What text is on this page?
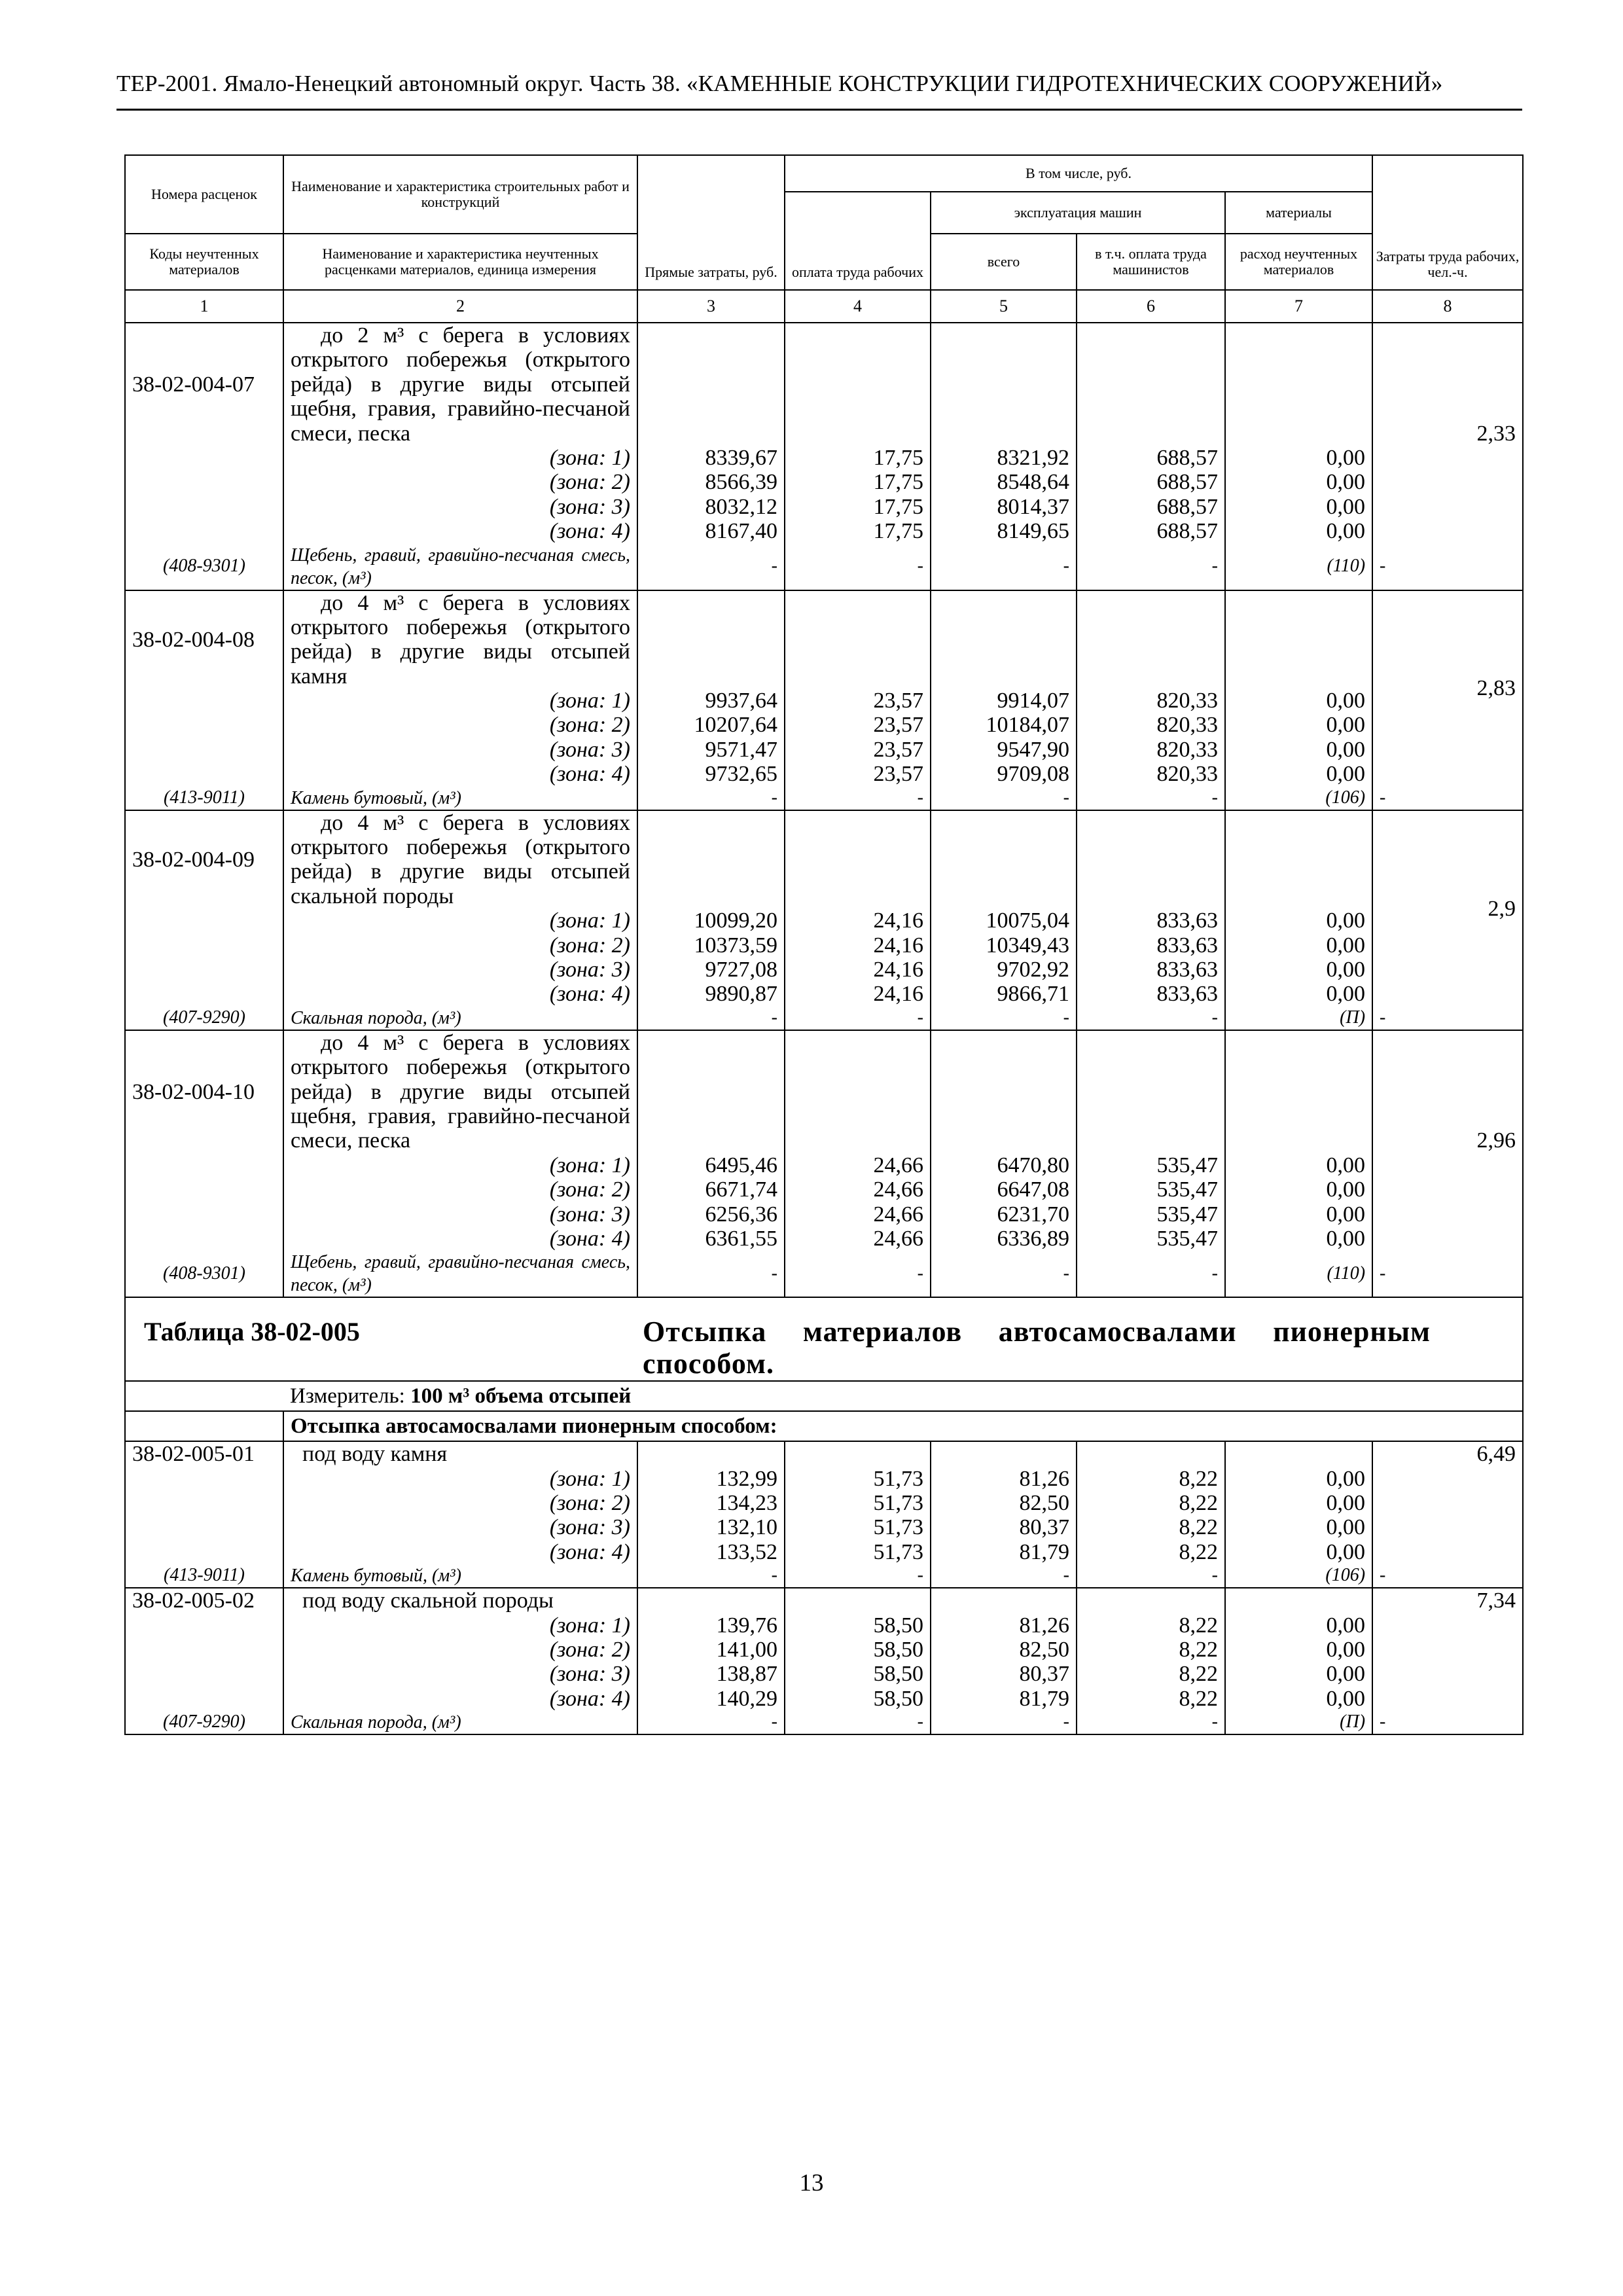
ТЕР-2001. Ямало-Ненецкий автономный округ. Часть 38. «КАМЕННЫЕ КОНСТРУКЦИИ ГИДРОТЕХНИЧЕСКИХ СООРУЖЕНИЙ»
Номера расценок	Наименование и характеристика строительных работ и конструкций	Прямые затраты, руб.	В том числе, руб.				Затраты труда рабочих, чел.-ч.
			оплата труда рабочих	эксплуатация машин		материалы	
Коды неучтенных материалов	Наименование и характеристика неучтенных расценками материалов, единица измерения			всего	в т.ч. оплата труда машинистов	расход неучтенных материалов	
1	2	3	4	5	6	7	8
38-02-004-07	до 2 м³ с берега в условиях открытого побережья (открытого рейда) в другие виды отсыпей щебня, гравия, гравийно-песчаной смеси, песка						2,33
	(зона: 1)	8339,67	17,75	8321,92	688,57	0,00	
	(зона: 2)	8566,39	17,75	8548,64	688,57	0,00	
	(зона: 3)	8032,12	17,75	8014,37	688,57	0,00	
	(зона: 4)	8167,40	17,75	8149,65	688,57	0,00	
(408-9301)	Щебень, гравий, гравийно-песчаная смесь, песок, (м³)	-	-	-	-	(110)	-
38-02-004-08	до 4 м³ с берега в условиях открытого побережья (открытого рейда) в другие виды отсыпей камня						2,83
	(зона: 1)	9937,64	23,57	9914,07	820,33	0,00	
	(зона: 2)	10207,64	23,57	10184,07	820,33	0,00	
	(зона: 3)	9571,47	23,57	9547,90	820,33	0,00	
	(зона: 4)	9732,65	23,57	9709,08	820,33	0,00	
(413-9011)	Камень бутовый, (м³)	-	-	-	-	(106)	-
38-02-004-09	до 4 м³ с берега в условиях открытого побережья (открытого рейда) в другие виды отсыпей скальной породы						2,9
	(зона: 1)	10099,20	24,16	10075,04	833,63	0,00	
	(зона: 2)	10373,59	24,16	10349,43	833,63	0,00	
	(зона: 3)	9727,08	24,16	9702,92	833,63	0,00	
	(зона: 4)	9890,87	24,16	9866,71	833,63	0,00	
(407-9290)	Скальная порода, (м³)	-	-	-	-	(П)	-
38-02-004-10	до 4 м³ с берега в условиях открытого побережья (открытого рейда) в другие виды отсыпей щебня, гравия, гравийно-песчаной смеси, песка						2,96
	(зона: 1)	6495,46	24,66	6470,80	535,47	0,00	
	(зона: 2)	6671,74	24,66	6647,08	535,47	0,00	
	(зона: 3)	6256,36	24,66	6231,70	535,47	0,00	
	(зона: 4)	6361,55	24,66	6336,89	535,47	0,00	
(408-9301)	Щебень, гравий, гравийно-песчаная смесь, песок, (м³)	-	-	-	-	(110)	-
Таблица 38-02-005		Отсыпка материалов автосамосвалами пионерным способом.					

	Измеритель: 100 м³ объема отсыпей						
	Отсыпка автосамосвалами пионерным способом:						
38-02-005-01	под воду камня						6,49
	(зона: 1)	132,99	51,73	81,26	8,22	0,00	
	(зона: 2)	134,23	51,73	82,50	8,22	0,00	
	(зона: 3)	132,10	51,73	80,37	8,22	0,00	
	(зона: 4)	133,52	51,73	81,79	8,22	0,00	
(413-9011)	Камень бутовый, (м³)	-	-	-	-	(106)	-
38-02-005-02	под воду скальной породы						7,34
	(зона: 1)	139,76	58,50	81,26	8,22	0,00	
	(зона: 2)	141,00	58,50	82,50	8,22	0,00	
	(зона: 3)	138,87	58,50	80,37	8,22	0,00	
	(зона: 4)	140,29	58,50	81,79	8,22	0,00	
(407-9290)	Скальная порода, (м³)	-	-	-	-	(П)	-
13
